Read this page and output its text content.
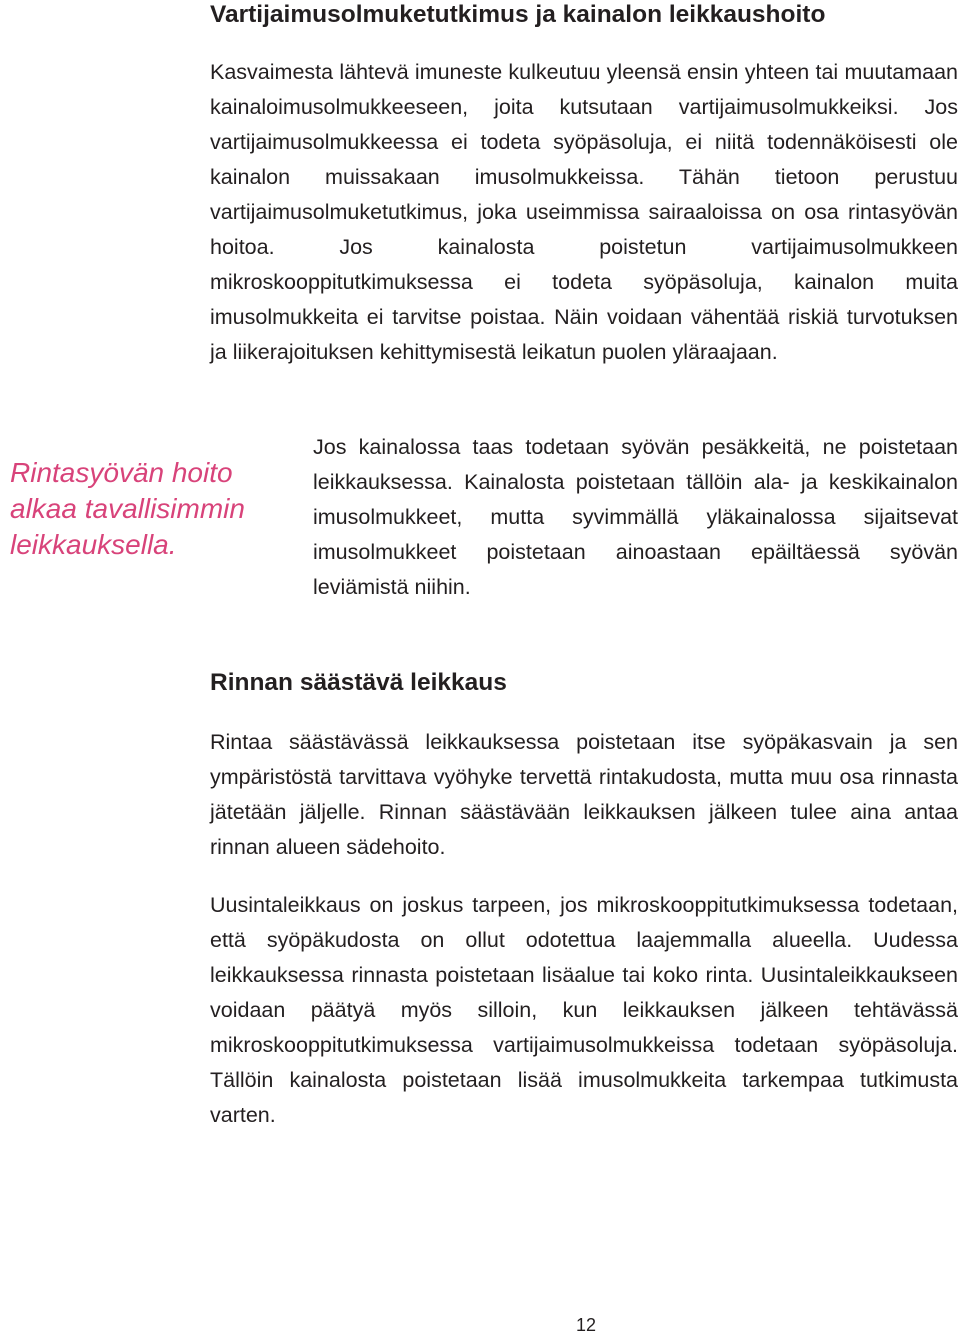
Vartijaimusolmuketutkimus ja kainalon leikkaushoito

Kasvaimesta lähtevä imuneste kulkeutuu yleensä ensin yhteen tai muutamaan kainaloimusolmukkeeseen, joita kutsutaan vartijaimusolmukkeiksi. Jos vartijaimusolmukkeessa ei todeta syöpäsoluja, ei niitä todennäköisesti ole kainalon muissakaan imusolmukkeissa. Tähän tietoon perustuu vartijaimusolmuketutkimus, joka useimmissa sairaaloissa on osa rintasyövän hoitoa. Jos kainalosta poistetun vartijaimusolmukkeen mikroskooppitutkimuksessa ei todeta syöpäsoluja, kainalon muita imusolmukkeita ei tarvitse poistaa. Näin voidaan vähentää riskiä turvotuksen ja liikerajoituksen kehittymisestä leikatun puolen yläraajaan.

Rintasyövän hoito alkaa tavallisimmin leikkauksella.

Jos kainalossa taas todetaan syövän pesäkkeitä, ne poistetaan leikkauksessa. Kainalosta poistetaan tällöin ala- ja keskikainalon imusolmukkeet, mutta syvimmällä yläkainalossa sijaitsevat imusolmukkeet poistetaan ainoastaan epäiltäessä syövän leviämistä niihin.

Rinnan säästävä leikkaus

Rintaa säästävässä leikkauksessa poistetaan itse syöpäkasvain ja sen ympäristöstä tarvittava vyöhyke tervettä rintakudosta, mutta muu osa rinnasta jätetään jäljelle. Rinnan säästävään leikkauksen jälkeen tulee aina antaa rinnan alueen sädehoito.

Uusintaleikkaus on joskus tarpeen, jos mikroskooppitutkimuksessa todetaan, että syöpäkudosta on ollut odotettua laajemmalla alueella. Uudessa leikkauksessa rinnasta poistetaan lisäalue tai koko rinta. Uusintaleikkaukseen voidaan päätyä myös silloin, kun leikkauksen jälkeen tehtävässä mikroskooppitutkimuksessa vartijaimusolmukkeissa todetaan syöpäsoluja. Tällöin kainalosta poistetaan lisää imusolmukkeita tarkempaa tutkimusta varten.

12
